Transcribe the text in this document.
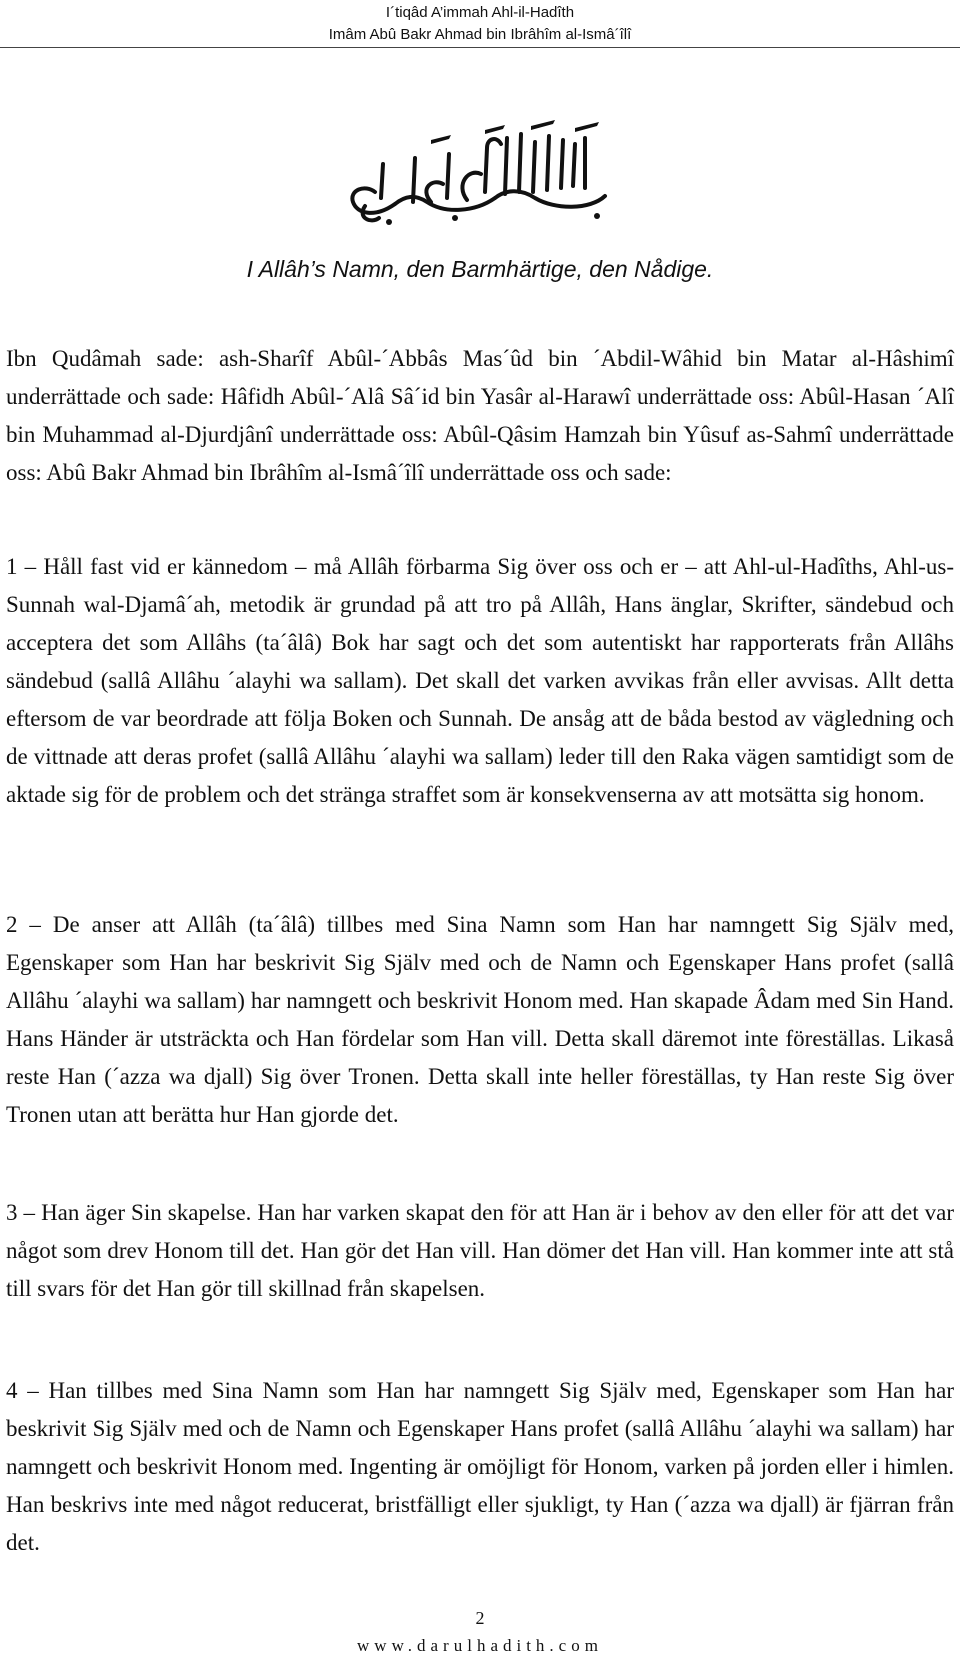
I´tiqâd A’immah Ahl-il-Hadîth
Imâm Abû Bakr Ahmad bin Ibrâhîm al-Ismâ´îlî
I Allâh’s Namn, den Barmhärtige, den Nådige.

Ibn Qudâmah sade: ash-Sharîf Abûl-´Abbâs Mas´ûd bin ´Abdil-Wâhid bin Matar al-Hâshimî underrättade och sade: Hâfidh Abûl-´Alâ Sâ´id bin Yasâr al-Harawî underrättade oss: Abûl-Hasan ´Alî bin Muhammad al-Djurdjânî underrättade oss: Abûl-Qâsim Hamzah bin Yûsuf as-Sahmî underrättade oss: Abû Bakr Ahmad bin Ibrâhîm al-Ismâ´îlî underrättade oss och sade:

1 – Håll fast vid er kännedom – må Allâh förbarma Sig över oss och er – att Ahl-ul-Hadîths, Ahl-us-Sunnah wal-Djamâ´ah, metodik är grundad på att tro på Allâh, Hans änglar, Skrifter, sändebud och acceptera det som Allâhs (ta´âlâ) Bok har sagt och det som autentiskt har rapporterats från Allâhs sändebud (sallâ Allâhu ´alayhi wa sallam). Det skall det varken avvikas från eller avvisas. Allt detta eftersom de var beordrade att följa Boken och Sunnah. De ansåg att de båda bestod av vägledning och de vittnade att deras profet (sallâ Allâhu ´alayhi wa sallam) leder till den Raka vägen samtidigt som de aktade sig för de problem och det stränga straffet som är konsekvenserna av att motsätta sig honom.

2 – De anser att Allâh (ta´âlâ) tillbes med Sina Namn som Han har namngett Sig Själv med, Egenskaper som Han har beskrivit Sig Själv med och de Namn och Egenskaper Hans profet (sallâ Allâhu ´alayhi wa sallam) har namngett och beskrivit Honom med. Han skapade Âdam med Sin Hand. Hans Händer är utsträckta och Han fördelar som Han vill. Detta skall däremot inte föreställas. Likaså reste Han (´azza wa djall) Sig över Tronen. Detta skall inte heller föreställas, ty Han reste Sig över Tronen utan att berätta hur Han gjorde det.

3 – Han äger Sin skapelse. Han har varken skapat den för att Han är i behov av den eller för att det var något som drev Honom till det. Han gör det Han vill. Han dömer det Han vill. Han kommer inte att stå till svars för det Han gör till skillnad från skapelsen.

4 – Han tillbes med Sina Namn som Han har namngett Sig Själv med, Egenskaper som Han har beskrivit Sig Själv med och de Namn och Egenskaper Hans profet (sallâ Allâhu ´alayhi wa sallam) har namngett och beskrivit Honom med. Ingenting är omöjligt för Honom, varken på jorden eller i himlen. Han beskrivs inte med något reducerat, bristfälligt eller sjukligt, ty Han (´azza wa djall) är fjärran från det.

2
www.darulhadith.com
